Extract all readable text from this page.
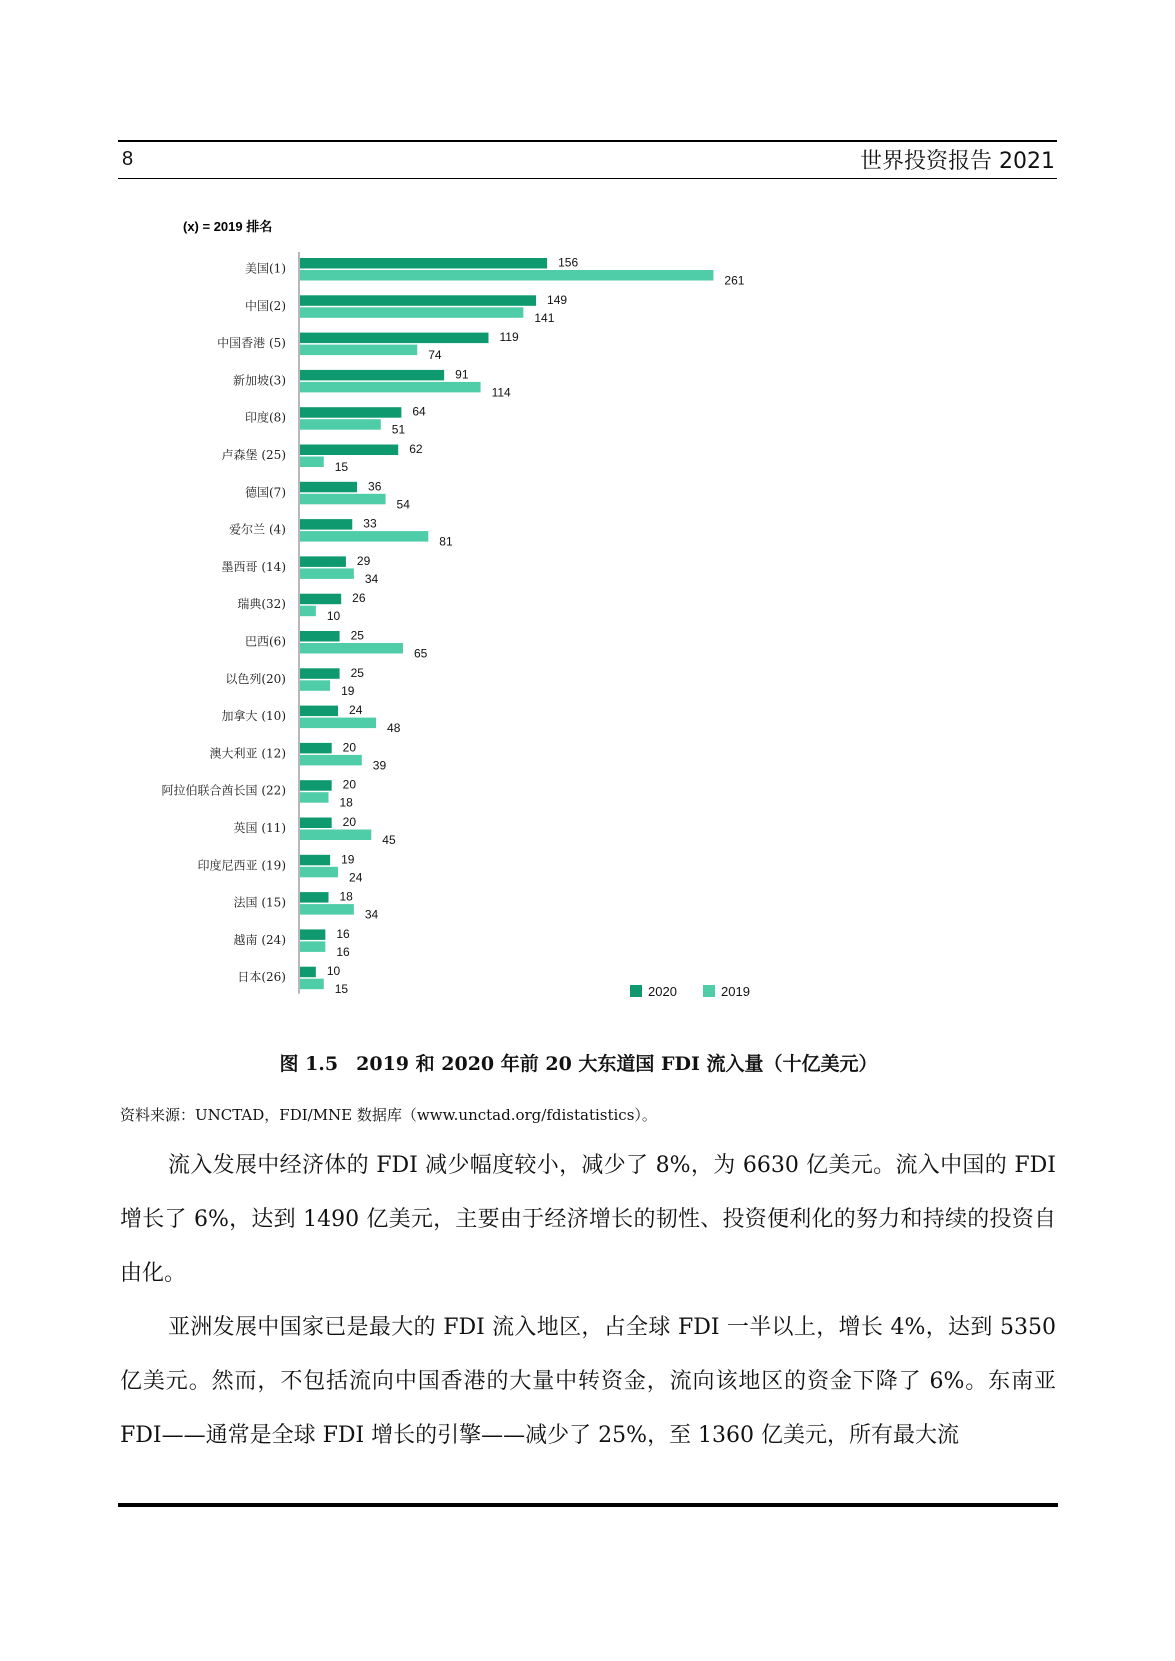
8	世界投资报告 2021
(x) = 2019 排名
美国(1)	156
261
中国(2)	149
141
中国香港 (5)	119
74
新加坡(3)	91
114
印度(8)	64
51
卢森堡 (25)	62
15
德国(7)	36
54
爱尔兰 (4)	33
81
墨西哥 (14)	29
34
瑞典(32)	26
10
巴西(6)	25
65
以色列(20)	25
19
加拿大 (10)	24
48
澳大利亚 (12)	20
39
阿拉伯联合酋长国 (22)	20
18
英国 (11)	20
45
印度尼西亚 (19)	19
24
法国 (15)	18
34
越南 (24)	16
16
日本(26)	10
15	2020	2019
图 1.5 2019 和 2020 年前 20 大东道国 FDI 流入量（十亿美元）
资料来源：UNCTAD，FDI/MNE 数据库（www.unctad.org/fdistatistics）。

流入发展中经济体的 FDI 减少幅度较小，减少了 8%，为 6630 亿美元。流入中国的 FDI 增长了 6%，达到 1490 亿美元，主要由于经济增长的韧性、投资便利化的努力和持续的投资自由化。

亚洲发展中国家已是最大的 FDI 流入地区，占全球 FDI 一半以上，增长 4%，达到 5350 亿美元。然而，不包括流向中国香港的大量中转资金，流向该地区的资金下降了 6%。东南亚 FDI——通常是全球 FDI 增长的引擎——减少了 25%，至 1360 亿美元，所有最大流
